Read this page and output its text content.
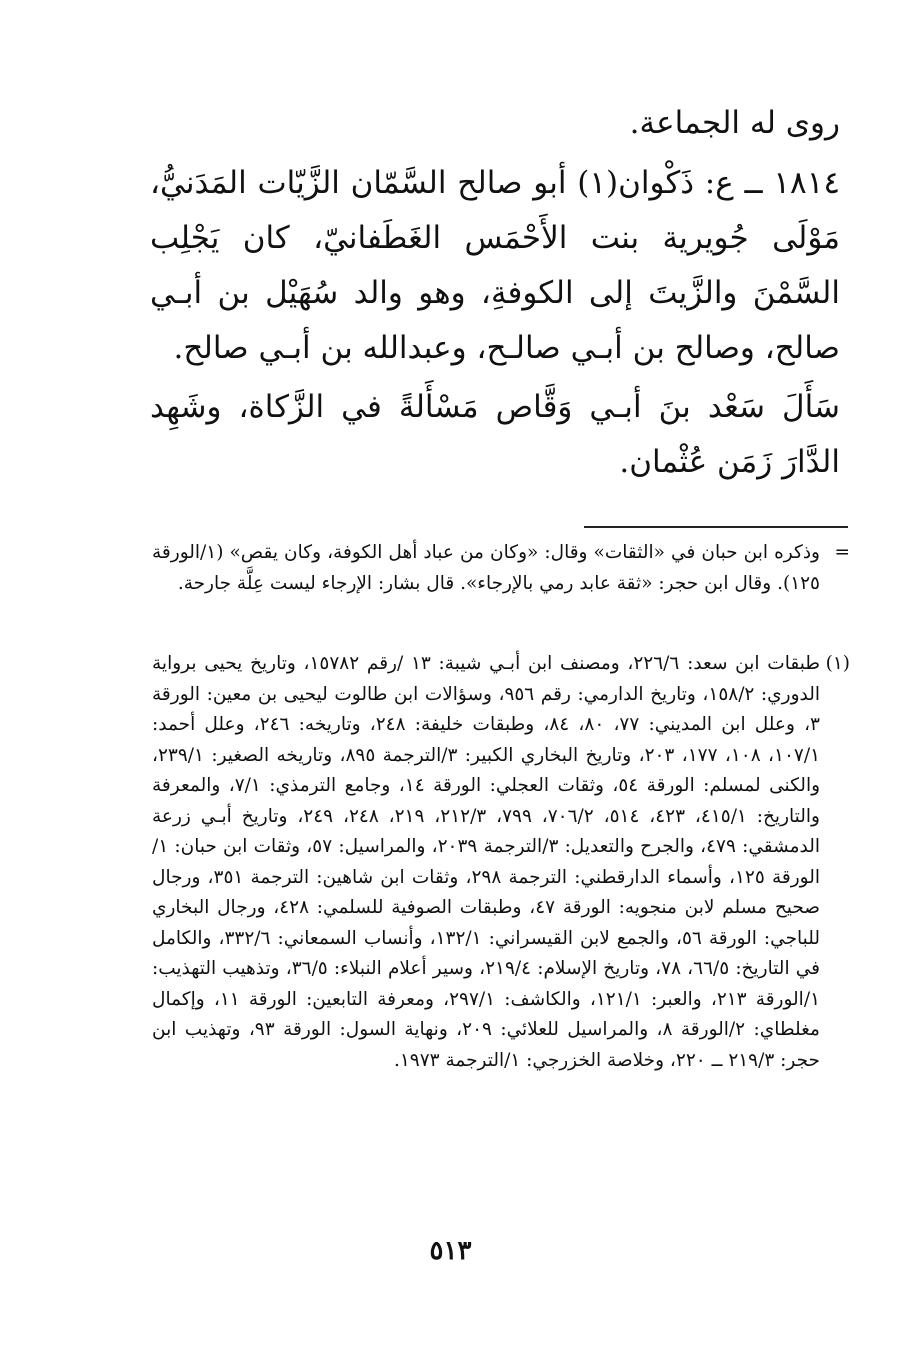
روى له الجماعة.

١٨١٤ ــ ع: ذَكْوان(١) أبو صالح السَّمّان الزَّيّات المَدَنيُّ، مَوْلَى جُويرية بنت الأَحْمَس الغَطَفانيّ، كان يَجْلِب السَّمْنَ والزَّيتَ إلى الكوفةِ، وهو والد سُهَيْل بن أبـي صالح، وصالح بن أبـي صالـح، وعبدالله بن أبـي صالح.

سَأَلَ سَعْد بنَ أبـي وَقَّاص مَسْأَلةً في الزَّكاة، وشَهِد الدَّارَ زَمَن عُثْمان.

=
وذكره ابن حبان في «الثقات» وقال: «وكان من عباد أهل الكوفة، وكان يقص» (١/الورقة ١٢٥). وقال ابن حجر: «ثقة عابد رمي بالإرجاء». قال بشار: الإرجاء ليست عِلَّة جارحة.
(١)
طبقات ابن سعد: ٢٢٦/٦، ومصنف ابن أبـي شيبة: ١٣ /رقم ١٥٧٨٢، وتاريخ يحيى برواية الدوري: ١٥٨/٢، وتاريخ الدارمي: رقم ٩٥٦، وسؤالات ابن طالوت ليحيى بن معين: الورقة ٣، وعلل ابن المديني: ٧٧، ٨٠، ٨٤، وطبقات خليفة: ٢٤٨، وتاريخه: ٢٤٦، وعلل أحمد: ١٠٧/١، ١٠٨، ١٧٧، ٢٠٣، وتاريخ البخاري الكبير: ٣/الترجمة ٨٩٥، وتاريخه الصغير: ٢٣٩/١، والكنى لمسلم: الورقة ٥٤، وثقات العجلي: الورقة ١٤، وجامع الترمذي: ٧/١، والمعرفة والتاريخ: ٤١٥/١، ٤٢٣، ٥١٤، ٧٠٦/٢، ٧٩٩، ٢١٢/٣، ٢١٩، ٢٤٨، ٢٤٩، وتاريخ أبـي زرعة الدمشقي: ٤٧٩، والجرح والتعديل: ٣/الترجمة ٢٠٣٩، والمراسيل: ٥٧، وثقات ابن حبان: ١/الورقة ١٢٥، وأسماء الدارقطني: الترجمة ٢٩٨، وثقات ابن شاهين: الترجمة ٣٥١، ورجال صحيح مسلم لابن منجويه: الورقة ٤٧، وطبقات الصوفية للسلمي: ٤٢٨، ورجال البخاري للباجي: الورقة ٥٦، والجمع لابن القيسراني: ١٣٢/١، وأنساب السمعاني: ٣٣٢/٦، والكامل في التاريخ: ٦٦/٥، ٧٨، وتاريخ الإسلام: ٢١٩/٤، وسير أعلام النبلاء: ٣٦/٥، وتذهيب التهذيب: ١/الورقة ٢١٣، والعبر: ١٢١/١، والكاشف: ٢٩٧/١، ومعرفة التابعين: الورقة ١١، وإكمال مغلطاي: ٢/الورقة ٨، والمراسيل للعلائي: ٢٠٩، ونهاية السول: الورقة ٩٣، وتهذيب ابن حجر: ٢١٩/٣ ــ ٢٢٠، وخلاصة الخزرجي: ١/الترجمة ١٩٧٣.
٥١٣
